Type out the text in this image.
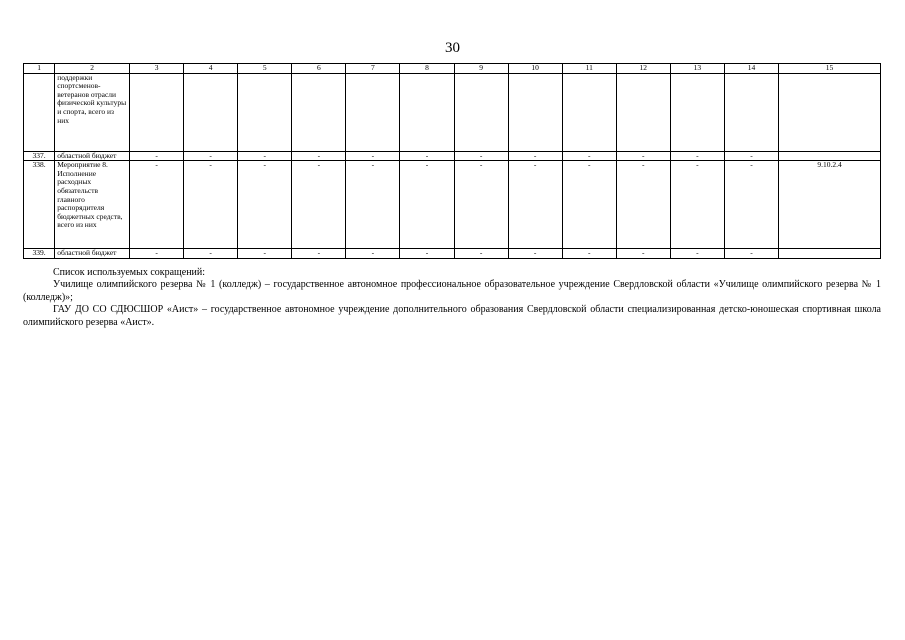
30
1	2	3	4	5	6	7	8	9	10	11	12	13	14	15
	поддержки спортсменов-ветеранов отрасли физической культуры и спорта, всего из них													
337.	областной бюджет	-	-	-	-	-	-	-	-	-	-	-	-	
338.	Мероприятие 8. Исполнение расходных обязательств главного распорядителя бюджетных средств, всего из них	-	-	-	-	-	-	-	-	-	-	-	-	9.10.2.4
339.	областной бюджет	-	-	-	-	-	-	-	-	-	-	-	-	

Список используемых сокращений:

Училище олимпийского резерва № 1 (колледж) – государственное автономное профессиональное образовательное учреждение Свердловской области «Училище олимпийского резерва № 1 (колледж)»;

ГАУ ДО СО СДЮСШОР «Аист» – государственное автономное учреждение дополнительного образования Свердловской области специализированная детско-юношеская спортивная школа олимпийского резерва «Аист».
